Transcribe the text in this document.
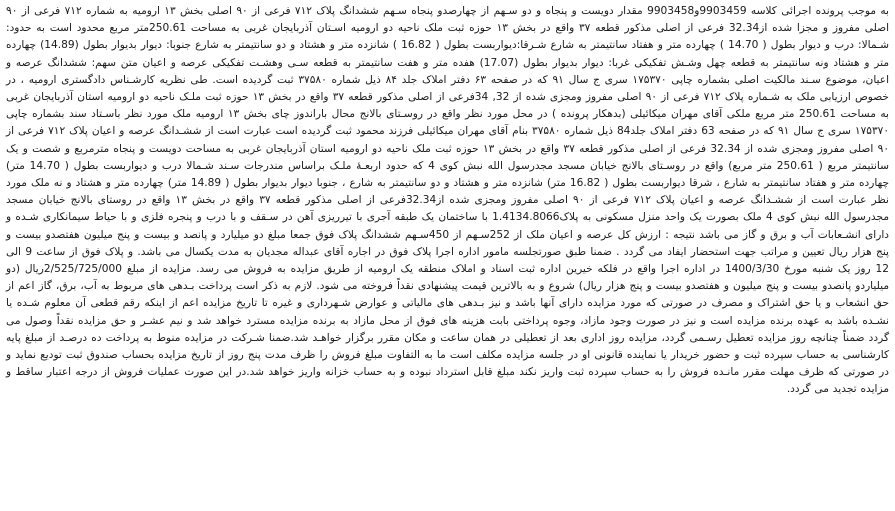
به موجب پرونده اجرائی کلاسه 9903459و9903458 مقدار دویست و پنجاه و دو سـهم از چهارصدو پنجاه سـهم ششدانگ پلاک ۷۱۲ فرعی از ۹۰ اصلی بخش ۱۳ ارومیه به شماره ۷۱۲ فرعی از ۹۰ اصلی مفروز و مجزا شده از32.34 فرعی از اصلی مذکور قطعه ۳۷ واقع در بخش ۱۳ حوزه ثبت ملک ناحیه دو ارومیه اسـتان آذربایجان غربی به مساحت 250.61متر مربع محدود است به حدود: شـمالا: درب و دیوار بطول ( 14.70 ) چهارده متر و هفتاد سانتیمتر به شارع شـرقا:دیواربست بطول ( 16.82 ) شانزده متر و هشتاد و دو سانتیمتر به شارع جنوبا: دیوار بدیوار بطول (14.89) چهارده متر و هشتاد ونه سانتیمتر به قطعه چهل وشـش تفکیکی غربا: دیوار بدیوار بطول (17.07) هفده متر و هفت سانتیمتر به قطعه سـی وهشـت تفکیکی عرصه و اعیان متن سهم: ششدانگ عرصه و اعیان، موضوع سـند مالکیت اصلی بشماره چاپی ۱۷۵۳۷۰ سری ج سال ۹۱ که در صفحه ۶۳ دفتر املاک جلد ۸۴ ذیل شماره ۳۷۵۸۰ ثبت گردیده است. طی نظریه کارشـناس دادگستری ارومیه ، در خصوص ارزیابی ملک به شـماره پلاک ۷۱۲ فرعی از ۹۰ اصلی مفروز ومجزی شده از 32, 34فرعی از اصلی مذکور قطعه ۳۷ واقع در بخش ۱۳ حوزه ثبت ملـک ناحیه دو ارومیه استان آذربایجان غربی به مساحت 250.61 متر مربع ملکی آقای مهران میکائیلی (بدهکار پرونده ) در محل مورد نظر واقع در روسـتای بالانج محال باراندوز چای بخش ۱۳ ارومیه ملک مورد نظر باسـتاد سند بشماره چاپی ۱۷۵۳۷۰ سری ج سال ۹۱ که در صفحه 63 دفتر املاک جلد84 ذیل شماره ۳۷۵۸۰ بنام آقای مهران میکائیلی فرزند محمود ثبت گردیده است عبارت است از ششـدانگ عرصه و اعیان پلاک ۷۱۲ فرعی از ۹۰ اصلی مفروز ومجزی شده از 32.34 فرعی از اصلی مذکور قطعه ۳۷ واقع در بخش ۱۳ حوزه ثبت ملک ناحیه دو ارومیه استان آذربایجان غربی به مساحت دویست و پنجاه مترمربع و شصت و یک سانتیمتر مربع ( 250.61 متر مربع) واقع در روسـتای بالانج خیابان مسجد مجدرسول الله نبش کوی 4 که حدود اربعـهٔ ملـک براساس مندرجات سـند شـمالا درب و دیواربست بطول ( 14.70 متر) چهارده متر و هفتاد سانتیمتر به شارع ، شرقا دیواربست بطول ( 16.82 متر) شانزده متر و هشتاد و دو سانتیمتر به شارع ، جنوبا دیوار بدیوار بطول ( 14.89 متر) چهارده متر و هشتاد و نه ملک مورد نظر عبارت است از ششـدانگ عرصه و اعیان پلاک ۷۱۲ فرعی از ۹۰ اصلی مفروز ومجزی شده از32.34فرعی از اصلی مذکور قطعه ۳۷ واقع در بخش ۱۳ واقع در روستای بالانج خیابان مسجد مجدرسول الله نبش کوی 4 ملک بصورت یک واحد منزل مسکونی به پلاک1.4134.8066 با ساختمان یک طبقه آجری با تیرریزی آهن در سـقف و با درب و پنجره فلزی و با حیاط سیمانکاری شـده و دارای انشـعابات آب و برق و گاز می باشد نتیجه : ارزش کل عرصه و اعیان ملک از 252سـهم از 450سـهم ششدانگ پلاک فوق جمعا مبلغ دو میلیارد و پانصد و بیست و پنج میلیون هفتصدو بیست و پنج هزار ریال تعیین و مراتب جهت استحضار ایفاد می گردد . ضمنا طبق صورتجلسه مامور اداره اجرا پلاک فوق در اجاره آقای عبداله مجدیان به مدت یکسال می باشد. و پلاک فوق از ساعت 9 الی 12 روز یک شنبه مورخ 1400/3/30 در اداره اجرا واقع در فلکه خیرین اداره ثبت اسناد و املاک منطقه یک ارومیه از طریق مزایده به فروش می رسد. مزایده از مبلغ 2/525/725/000ریال (دو میلیاردو پانصدو بیست و پنج میلیون و هفتصدو بیست و پنج هزار ریال) شروع و به بالاترین قیمت پیشنهادی نقداً فروخته می شود. لازم به ذکر است پرداخت بـدهی های مربوط به آب، برق، گاز اعم از حق انشعاب و یا حق اشتراک و مصرف در صورتی که مورد مزایده دارای آنها باشد و نیز بـدهی های مالیاتی و عوارض شـهرداری و غیره تا تاریخ مزایده اعم از اینکه رقم قطعی آن معلوم شـده یا نشـده باشد به عهده برنده مزایده است و نیز در صورت وجود مازاد، وجوه پرداختی بابت هزینه های فوق از محل مازاد به برنده مزایده مسترد خواهد شد و نیم عشـر و حق مزایده نقداً وصول می گردد ضمناً چنانچه روز مزایده تعطیل رسـمی گردد، مزایده روز اداری بعد از تعطیلی در همان ساعت و مکان مقرر برگزار خواهـد شد.ضمنا شـرکت در مزایده منوط به پرداخت ده درصـد از مبلغ پایه کارشناسی به حساب سپرده ثبت و حضور خریدار یا نماینده قانونی او در جلسه مزایده مکلف است ما به التفاوت مبلغ فروش را ظرف مدت پنج روز از تاریخ مزایده بحساب صندوق ثبت تودیع نماید و در صورتی که ظرف مهلت مقرر مانـده فروش را به حساب سپرده ثبت واریز نکند مبلغ قابل استرداد نبوده و به حساب خزانه واریز خواهد شد.در این صورت عملیات فروش از درجه اعتبار ساقط و مزایده تجدید می گردد.
